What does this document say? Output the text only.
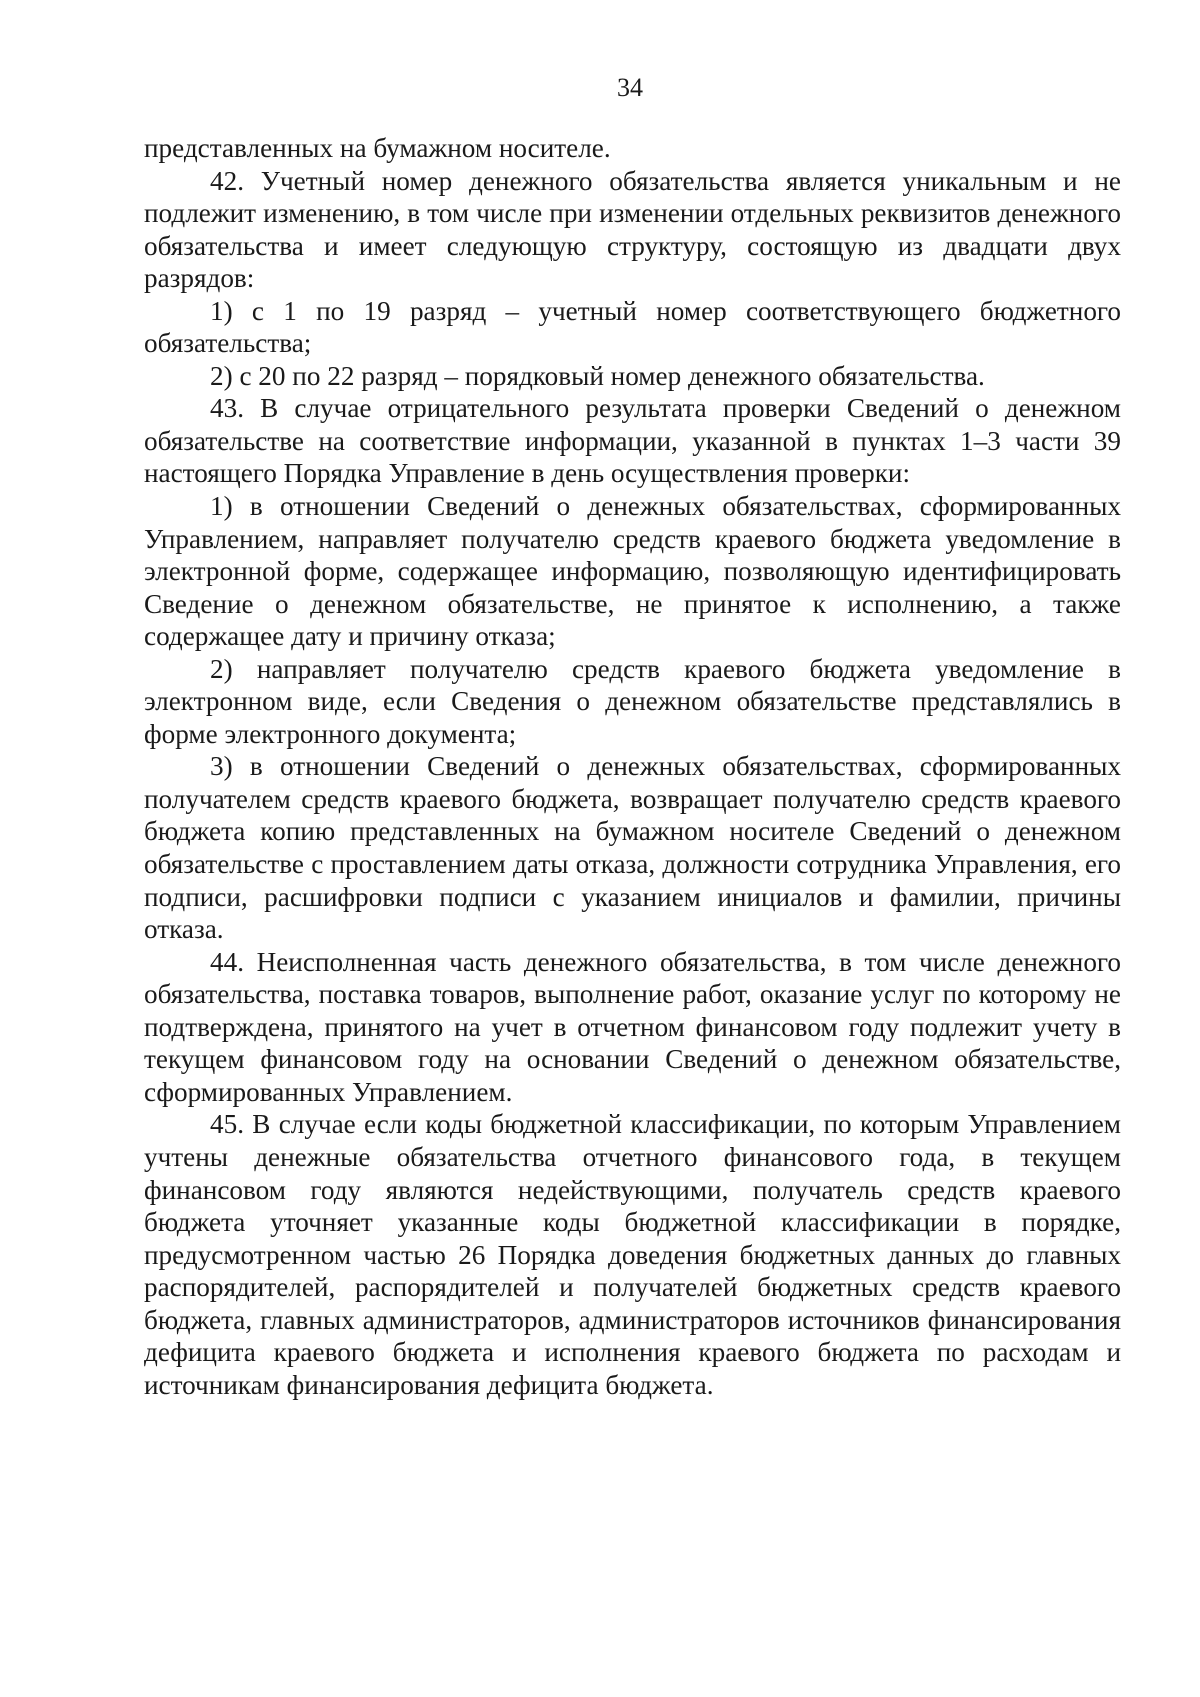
34

представленных на бумажном носителе.

42. Учетный номер денежного обязательства является уникальным и не подлежит изменению, в том числе при изменении отдельных реквизитов денежного обязательства и имеет следующую структуру, состоящую из двадцати двух разрядов:

1) с 1 по 19 разряд – учетный номер соответствующего бюджетного обязательства;

2) с 20 по 22 разряд – порядковый номер денежного обязательства.

43. В случае отрицательного результата проверки Сведений о денежном обязательстве на соответствие информации, указанной в пунктах 1–3 части 39 настоящего Порядка Управление в день осуществления проверки:

1) в отношении Сведений о денежных обязательствах, сформированных Управлением, направляет получателю средств краевого бюджета уведомление в электронной форме, содержащее информацию, позволяющую идентифицировать Сведение о денежном обязательстве, не принятое к исполнению, а также содержащее дату и причину отказа;

2) направляет получателю средств краевого бюджета уведомление в электронном виде, если Сведения о денежном обязательстве представлялись в форме электронного документа;

3) в отношении Сведений о денежных обязательствах, сформированных получателем средств краевого бюджета, возвращает получателю средств краевого бюджета копию представленных на бумажном носителе Сведений о денежном обязательстве с проставлением даты отказа, должности сотрудника Управления, его подписи, расшифровки подписи с указанием инициалов и фамилии, причины отказа.

44. Неисполненная часть денежного обязательства, в том числе денежного обязательства, поставка товаров, выполнение работ, оказание услуг по которому не подтверждена, принятого на учет в отчетном финансовом году подлежит учету в текущем финансовом году на основании Сведений о денежном обязательстве, сформированных Управлением.

45. В случае если коды бюджетной классификации, по которым Управлением учтены денежные обязательства отчетного финансового года, в текущем финансовом году являются недействующими, получатель средств краевого бюджета уточняет указанные коды бюджетной классификации в порядке, предусмотренном частью 26 Порядка доведения бюджетных данных до главных распорядителей, распорядителей и получателей бюджетных средств краевого бюджета, главных администраторов, администраторов источников финансирования дефицита краевого бюджета и исполнения краевого бюджета по расходам и источникам финансирования дефицита бюджета.
